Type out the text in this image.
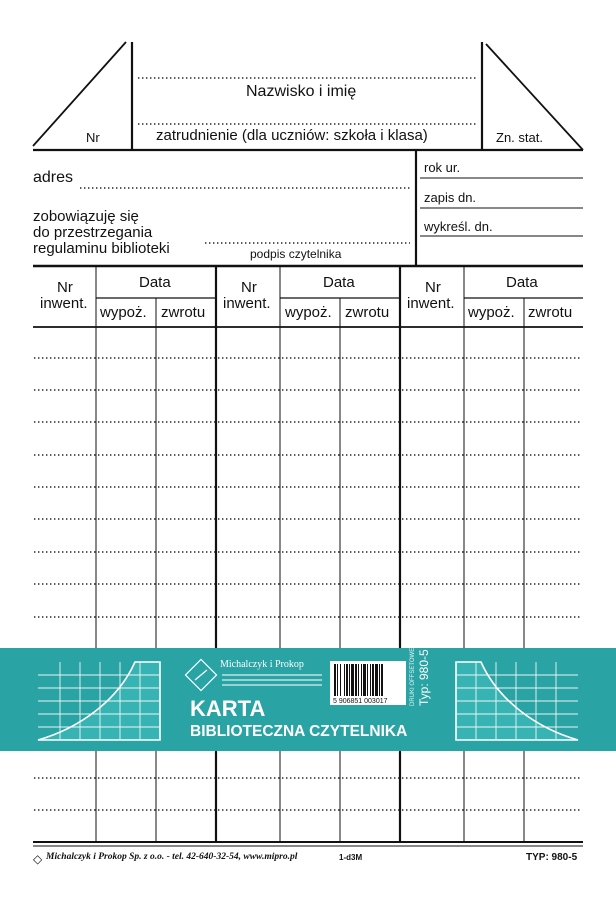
Nr
Nazwisko i imię
zatrudnienie (dla uczniów: szkoła i klasa)	Zn. stat.
adres
rok ur.
zapis dn.
wykreśl. dn.
zobowiązuję się
do przestrzegania
regulaminu biblioteki	podpis czytelnika
Nr
inwent.
Data
wypoż. zwrotu
Nr
inwent.
Data
wypoż. zwrotu
Nr
inwent.
Data
wypoż. zwrotu
Michalczyk i Prokop
KARTA
BIBLIOTECZNA CZYTELNIKA
5 906851 003017 Typ: 980-5
DRUKI OFFSETOWE
◇ Michalczyk i Prokop Sp. z o.o. - tel. 42-640-32-54, www.mipro.pl	1-d3M	TYP: 980-5
